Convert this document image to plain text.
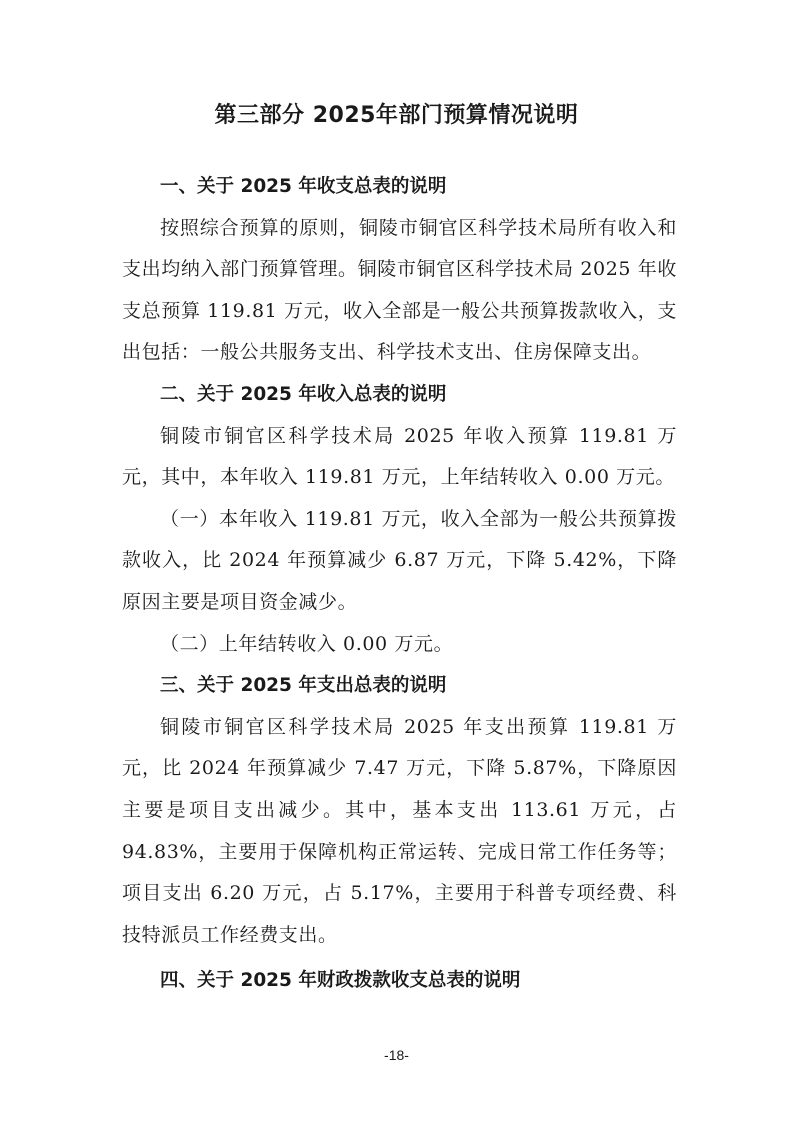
第三部分 2025年部门预算情况说明

一、关于 2025 年收支总表的说明

按照综合预算的原则，铜陵市铜官区科学技术局所有收入和支出均纳入部门预算管理。铜陵市铜官区科学技术局 2025 年收支总预算 119.81 万元，收入全部是一般公共预算拨款收入，支出包括：一般公共服务支出、科学技术支出、住房保障支出。

二、关于 2025 年收入总表的说明

铜陵市铜官区科学技术局 2025 年收入预算 119.81 万元，其中，本年收入 119.81 万元，上年结转收入 0.00 万元。

（一）本年收入 119.81 万元，收入全部为一般公共预算拨款收入，比 2024 年预算减少 6.87 万元，下降 5.42%，下降原因主要是项目资金减少。

（二）上年结转收入 0.00 万元。

三、关于 2025 年支出总表的说明

铜陵市铜官区科学技术局 2025 年支出预算 119.81 万元，比 2024 年预算减少 7.47 万元，下降 5.87%，下降原因主要是项目支出减少。其中，基本支出 113.61 万元，占 94.83%，主要用于保障机构正常运转、完成日常工作任务等；项目支出 6.20 万元，占 5.17%，主要用于科普专项经费、科技特派员工作经费支出。

四、关于 2025 年财政拨款收支总表的说明

-18-
